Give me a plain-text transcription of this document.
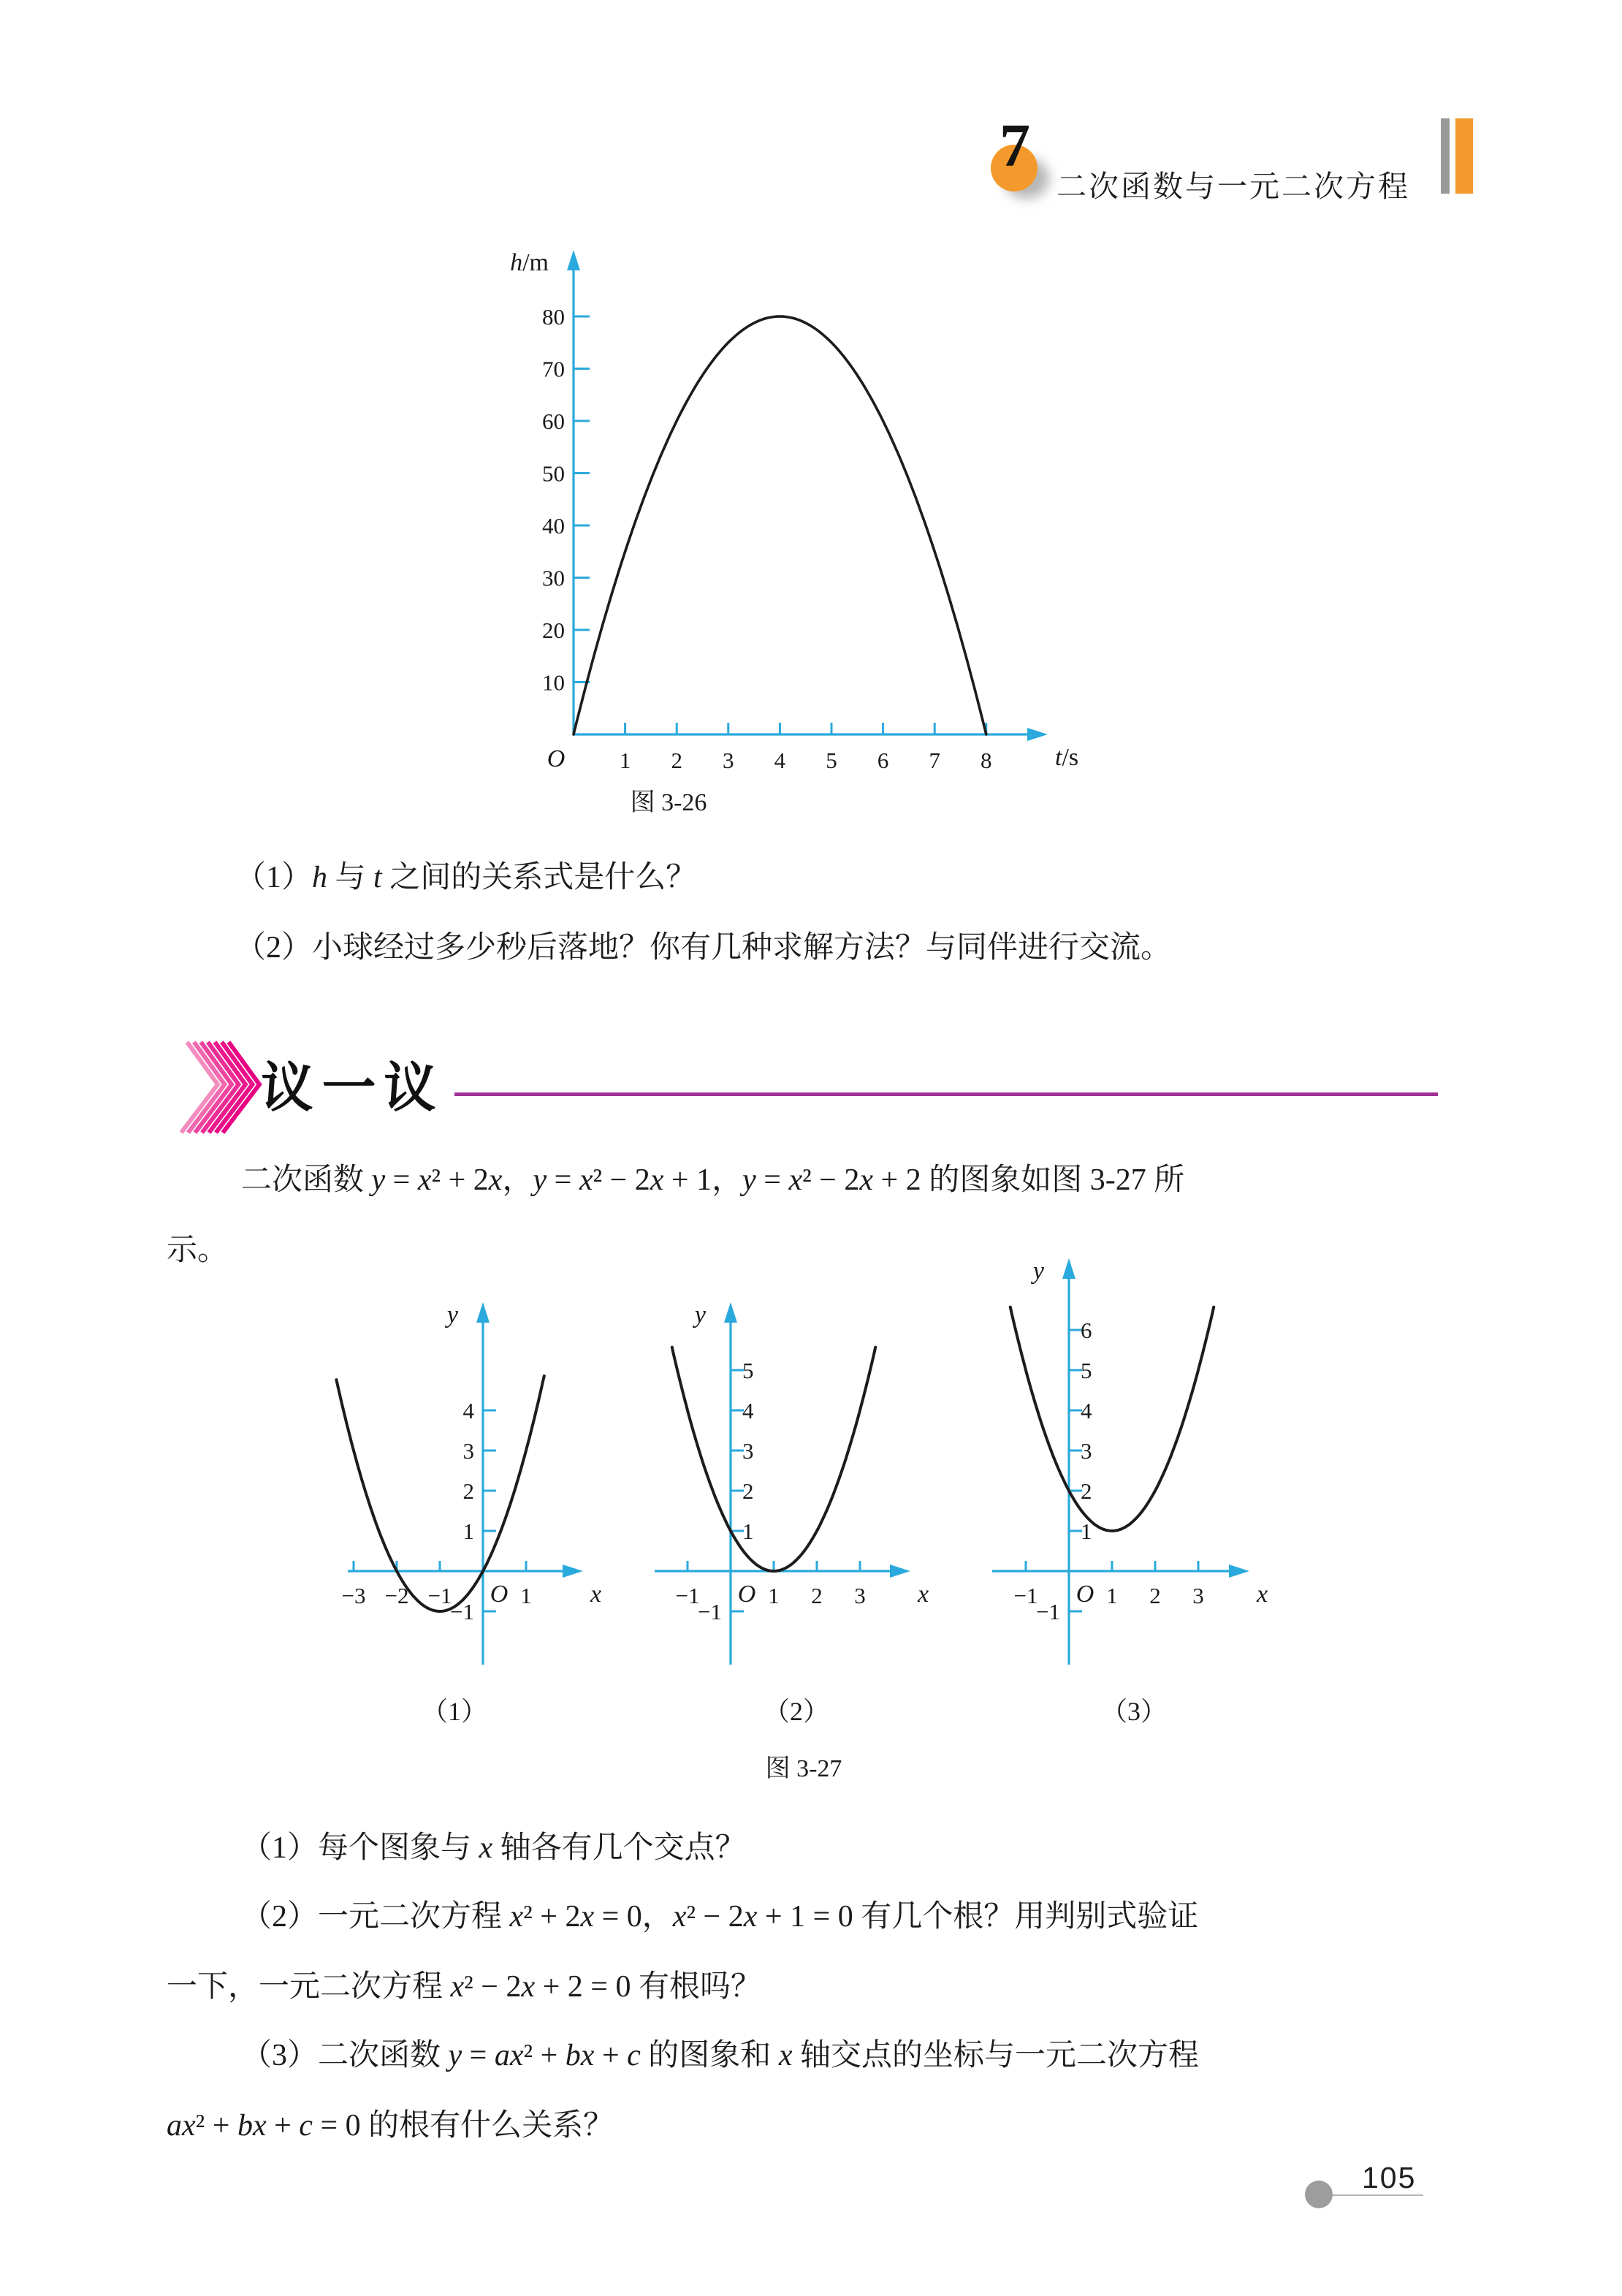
7
二次函数与一元二次方程
1 2 3 4 5 6 7 8
10
20
30
40
50
60
70
80
O	t/s
h/m
图 3-26
（1）h 与 t 之间的关系式是什么？
（2）小球经过多少秒后落地？你有几种求解方法？与同伴进行交流。
议一议
二次函数 y = x² + 2x，y = x² − 2x + 1，y = x² − 2x + 2 的图象如图 3-27 所
示。
−3 −2 −1	1
−1
1
2
3
4
O	x
y
−1	1 2 3
−1
1
2
3
4
5
O	x
y
−1	1 2 3
−1
1
2
3
4
5
6
O	x
y
（1）	（2）	（3）
图 3-27
（1）每个图象与 x 轴各有几个交点？
（2）一元二次方程 x² + 2x = 0，x² − 2x + 1 = 0 有几个根？用判别式验证
一下，一元二次方程 x² − 2x + 2 = 0 有根吗？
（3）二次函数 y = ax² + bx + c 的图象和 x 轴交点的坐标与一元二次方程
ax² + bx + c = 0 的根有什么关系？
105
